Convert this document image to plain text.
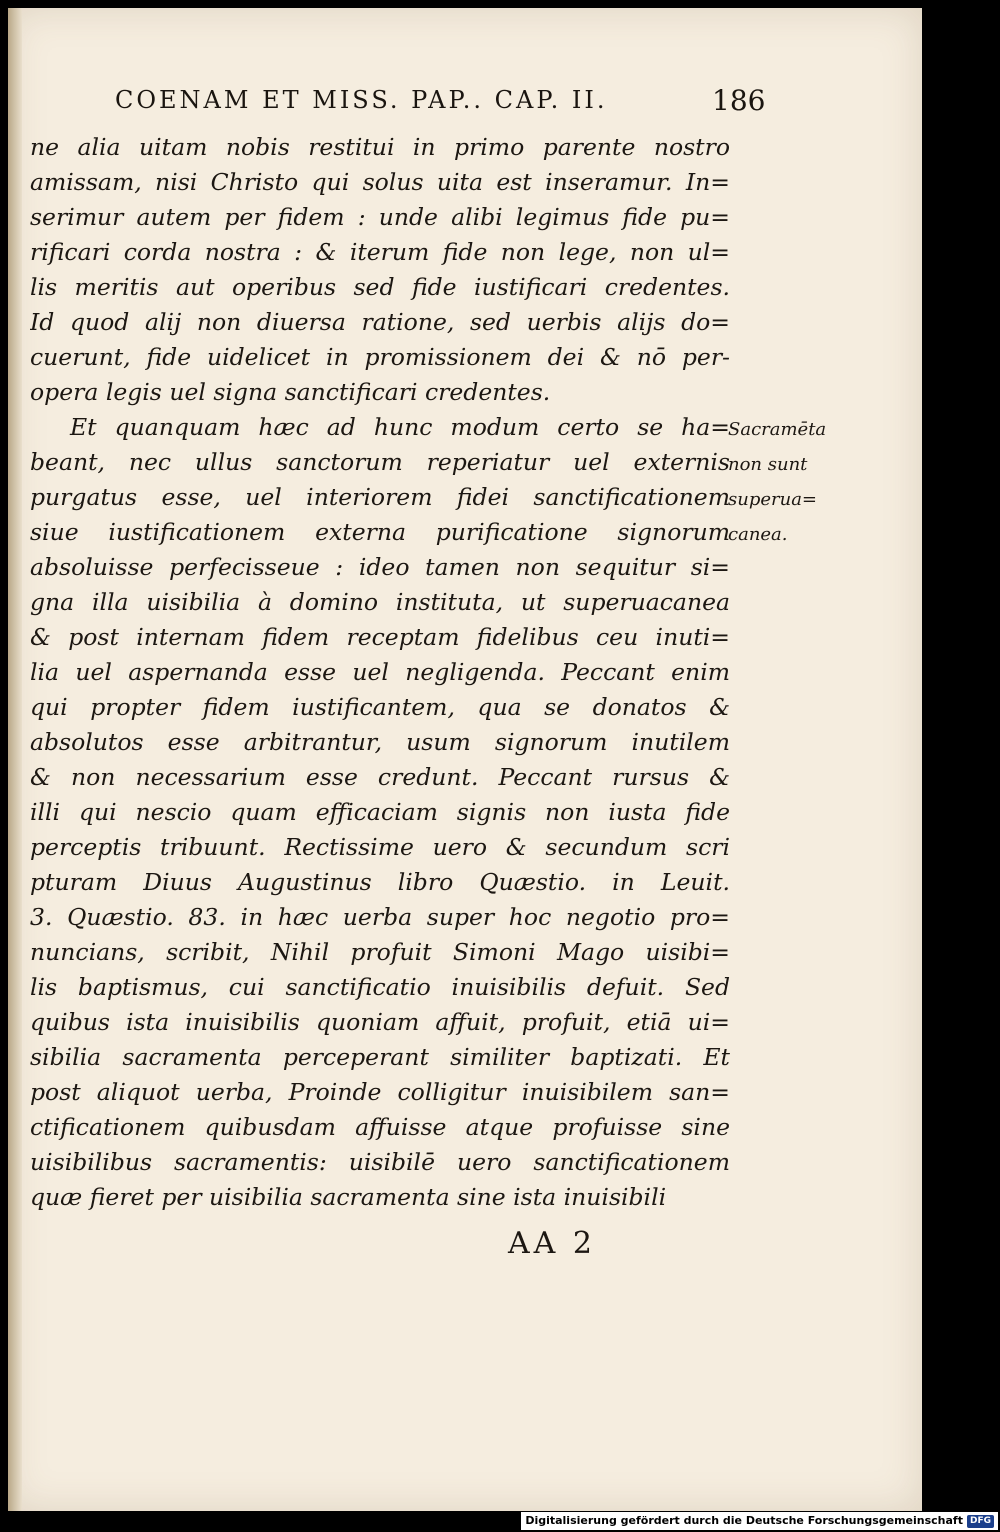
COENAM ET MISS. PAP.. CAP. II.	186
ne alia uitam nobis restitui in primo parente nostro
amissam, nisi Christo qui solus uita est inseramur. In=
serimur autem per fidem : unde alibi legimus fide pu=
rificari corda nostra : & iterum fide non lege, non ul=
lis meritis aut operibus sed fide iustificari credentes.
Id quod alij non diuersa ratione, sed uerbis alijs do=
cuerunt, fide uidelicet in promissionem dei & nō per-
opera legis uel signa sanctificari credentes.
Et quanquam hæc ad hunc modum certo se ha=
beant, nec ullus sanctorum reperiatur uel externis
purgatus esse, uel interiorem fidei sanctificationem
siue iustificationem externa purificatione signorum
absoluisse perfecisseue : ideo tamen non sequitur si=
gna illa uisibilia à domino instituta, ut superuacanea
& post internam fidem receptam fidelibus ceu inuti=
lia uel aspernanda esse uel negligenda. Peccant enim
qui propter fidem iustificantem, qua se donatos &
absolutos esse arbitrantur, usum signorum inutilem
& non necessarium esse credunt. Peccant rursus &
illi qui nescio quam efficaciam signis non iusta fide
perceptis tribuunt. Rectissime uero & secundum scri
pturam Diuus Augustinus libro Quæstio. in Leuit.
3. Quæstio. 83. in hæc uerba super hoc negotio pro=
nuncians, scribit, Nihil profuit Simoni Mago uisibi=
lis baptismus, cui sanctificatio inuisibilis defuit. Sed
quibus ista inuisibilis quoniam affuit, profuit, etiā ui=
sibilia sacramenta perceperant similiter baptizati. Et
post aliquot uerba, Proinde colligitur inuisibilem san=
ctificationem quibusdam affuisse atque profuisse sine
uisibilibus sacramentis: uisibilē uero sanctificationem
quæ fieret per uisibilia sacramenta sine ista inuisibili
Sacramēta
non sunt
superua=
canea.
AA 2
Digitalisierung gefördert durch die Deutsche Forschungsgemeinschaft DFG
